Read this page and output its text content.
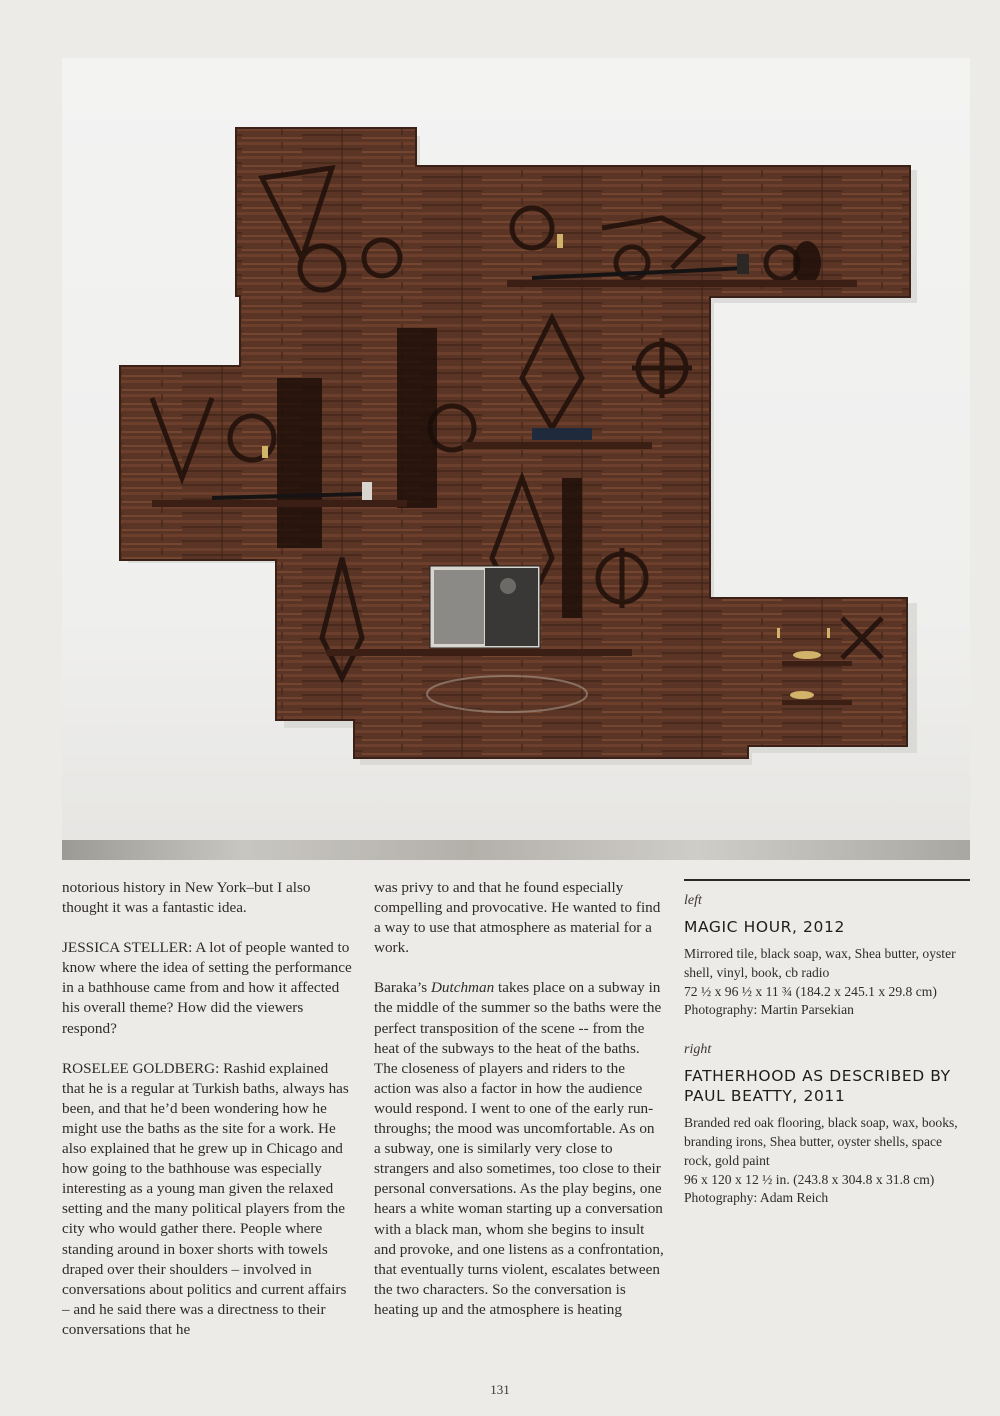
notorious history in New York–but I also thought it was a fantastic idea.

JESSICA STELLER: A lot of people wanted to know where the idea of setting the performance in a bathhouse came from and how it affected his overall theme? How did the viewers respond?

ROSELEE GOLDBERG: Rashid explained that he is a regular at Turkish baths, always has been, and that he’d been wondering how he might use the baths as the site for a work. He also explained that he grew up in Chicago and how going to the bathhouse was especially interesting as a young man given the relaxed setting and the many political players from the city who would gather there. People where standing around in boxer shorts with towels draped over their shoulders – involved in conversations about politics and current affairs – and he said there was a directness to their conversations that he

was privy to and that he found especially compelling and provocative. He wanted to find a way to use that atmosphere as material for a work.

Baraka’s Dutchman takes place on a subway in the middle of the summer so the baths were the perfect transposition of the scene -- from the heat of the subways to the heat of the baths. The closeness of players and riders to the action was also a factor in how the audience would respond. I went to one of the early run-throughs; the mood was uncomfortable. As on a subway, one is similarly very close to strangers and also sometimes, too close to their personal conversations. As the play begins, one hears a white woman starting up a conversation with a black man, whom she begins to insult and provoke, and one listens as a confrontation, that eventually turns violent, escalates between the two characters. So the conversation is heating up and the atmosphere is heating

left

MAGIC HOUR, 2012

Mirrored tile, black soap, wax, Shea butter, oyster shell, vinyl, book, cb radio

72 ½ x 96 ½ x 11 ¾ (184.2 x 245.1 x 29.8 cm)

Photography: Martin Parsekian

right

FATHERHOOD AS DESCRIBED BY PAUL BEATTY, 2011

Branded red oak flooring, black soap, wax, books, branding irons, Shea butter, oyster shells, space rock, gold paint

96 x 120 x 12 ½ in. (243.8 x 304.8 x 31.8 cm)

Photography: Adam Reich

131
